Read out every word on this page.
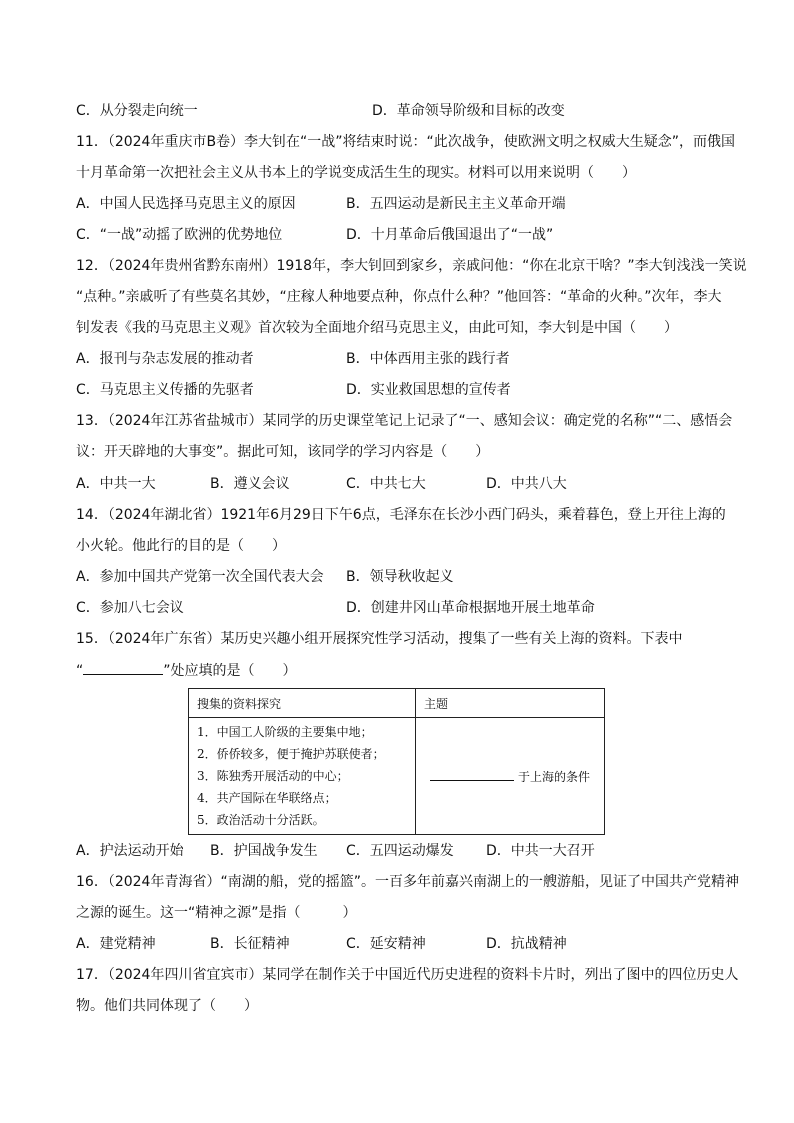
C．从分裂走向统一	D．革命领导阶级和目标的改变
11．（2024年重庆市B卷）李大钊在“一战”将结束时说：“此次战争，使欧洲文明之权威大生疑念”，而俄国
十月革命第一次把社会主义从书本上的学说变成活生生的现实。材料可以用来说明（　　）
A．中国人民选择马克思主义的原因	B．五四运动是新民主主义革命开端
C．“一战”动摇了欧洲的优势地位	D．十月革命后俄国退出了“一战”
12．（2024年贵州省黔东南州）1918年，李大钊回到家乡，亲戚问他：“你在北京干啥？”李大钊浅浅一笑说
“点种。”亲戚听了有些莫名其妙，“庄稼人种地要点种，你点什么种？”他回答：“革命的火种。”次年，李大
钊发表《我的马克思主义观》首次较为全面地介绍马克思主义，由此可知，李大钊是中国（　　）
A．报刊与杂志发展的推动者	B．中体西用主张的践行者
C．马克思主义传播的先驱者	D．实业救国思想的宣传者
13．（2024年江苏省盐城市）某同学的历史课堂笔记上记录了“一、感知会议：确定党的名称”“二、感悟会
议：开天辟地的大事变”。据此可知，该同学的学习内容是（　　）
A．中共一大	B．遵义会议	C．中共七大	D．中共八大
14．（2024年湖北省）1921年6月29日下午6点，毛泽东在长沙小西门码头，乘着暮色，登上开往上海的
小火轮。他此行的目的是（　　）
A．参加中国共产党第一次全国代表大会 B．领导秋收起义
C．参加八七会议	D．创建井冈山革命根据地开展土地革命
15．（2024年广东省）某历史兴趣小组开展探究性学习活动，搜集了一些有关上海的资料。下表中
“	”处应填的是（　　）
搜集的资料探究	主题

1．中国工人阶级的主要集中地；
2．侨侨较多，便于掩护苏联使者；
3．陈独秀开展活动的中心；
4．共产国际在华联络点；
5．政治活动十分活跃。	于上海的条件
A．护法运动开始 B．护国战争发生 C．五四运动爆发 D．中共一大召开
16．（2024年青海省）“南湖的船，党的摇篮”。一百多年前嘉兴南湖上的一艘游船，见证了中国共产党精神
之源的诞生。这一“精神之源”是指（　　　）
A．建党精神	B．长征精神	C．延安精神	D．抗战精神
17．（2024年四川省宜宾市）某同学在制作关于中国近代历史进程的资料卡片时，列出了图中的四位历史人
物。他们共同体现了（　　）
